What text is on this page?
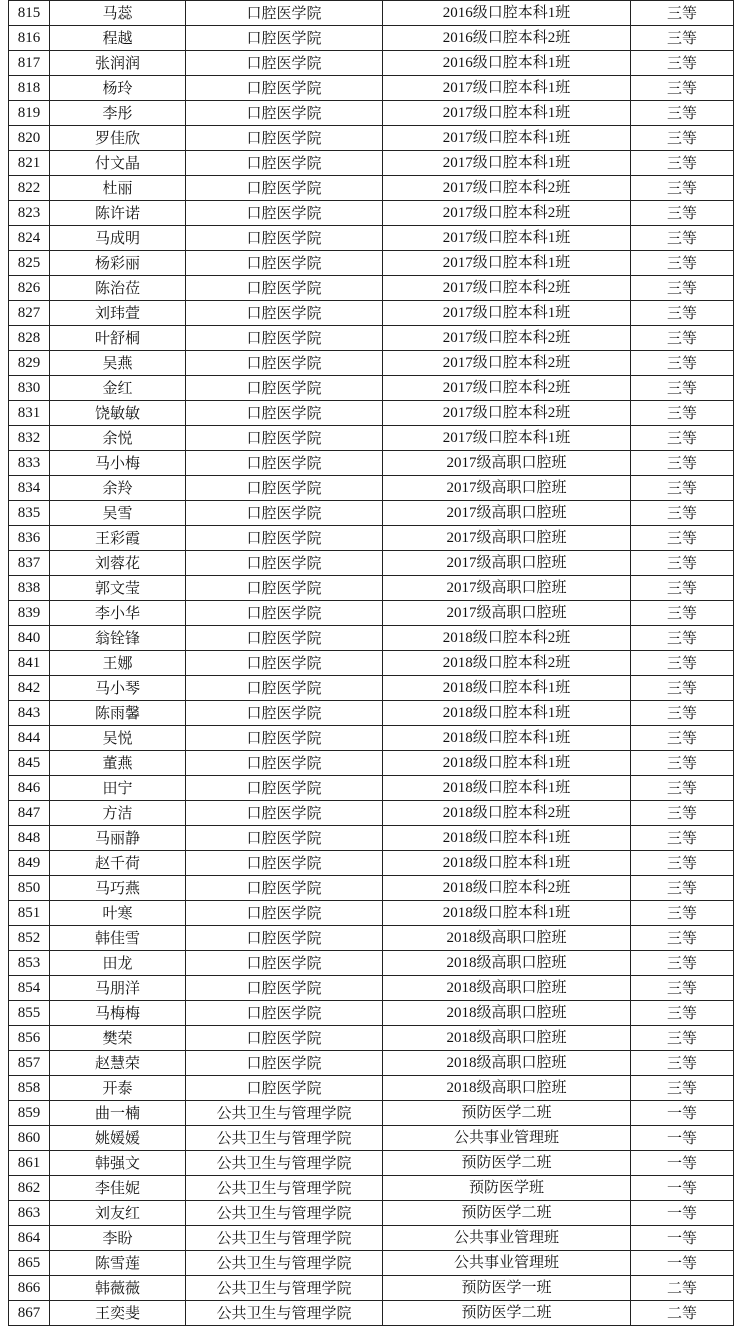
815	马蕊	口腔医学院	2016级口腔本科1班	三等
816	程越	口腔医学院	2016级口腔本科2班	三等
817	张润润	口腔医学院	2016级口腔本科1班	三等
818	杨玲	口腔医学院	2017级口腔本科1班	三等
819	李彤	口腔医学院	2017级口腔本科1班	三等
820	罗佳欣	口腔医学院	2017级口腔本科1班	三等
821	付文晶	口腔医学院	2017级口腔本科1班	三等
822	杜丽	口腔医学院	2017级口腔本科2班	三等
823	陈许诺	口腔医学院	2017级口腔本科2班	三等
824	马成明	口腔医学院	2017级口腔本科1班	三等
825	杨彩丽	口腔医学院	2017级口腔本科1班	三等
826	陈治莅	口腔医学院	2017级口腔本科2班	三等
827	刘玮萱	口腔医学院	2017级口腔本科1班	三等
828	叶舒桐	口腔医学院	2017级口腔本科2班	三等
829	吴燕	口腔医学院	2017级口腔本科2班	三等
830	金红	口腔医学院	2017级口腔本科2班	三等
831	饶敏敏	口腔医学院	2017级口腔本科2班	三等
832	余悦	口腔医学院	2017级口腔本科1班	三等
833	马小梅	口腔医学院	2017级高职口腔班	三等
834	余羚	口腔医学院	2017级高职口腔班	三等
835	吴雪	口腔医学院	2017级高职口腔班	三等
836	王彩霞	口腔医学院	2017级高职口腔班	三等
837	刘蓉花	口腔医学院	2017级高职口腔班	三等
838	郭文莹	口腔医学院	2017级高职口腔班	三等
839	李小华	口腔医学院	2017级高职口腔班	三等
840	翁铨锋	口腔医学院	2018级口腔本科2班	三等
841	王娜	口腔医学院	2018级口腔本科2班	三等
842	马小琴	口腔医学院	2018级口腔本科1班	三等
843	陈雨馨	口腔医学院	2018级口腔本科1班	三等
844	吴悦	口腔医学院	2018级口腔本科1班	三等
845	董燕	口腔医学院	2018级口腔本科1班	三等
846	田宁	口腔医学院	2018级口腔本科1班	三等
847	方洁	口腔医学院	2018级口腔本科2班	三等
848	马丽静	口腔医学院	2018级口腔本科1班	三等
849	赵千荷	口腔医学院	2018级口腔本科1班	三等
850	马巧燕	口腔医学院	2018级口腔本科2班	三等
851	叶寒	口腔医学院	2018级口腔本科1班	三等
852	韩佳雪	口腔医学院	2018级高职口腔班	三等
853	田龙	口腔医学院	2018级高职口腔班	三等
854	马朋洋	口腔医学院	2018级高职口腔班	三等
855	马梅梅	口腔医学院	2018级高职口腔班	三等
856	樊荣	口腔医学院	2018级高职口腔班	三等
857	赵慧荣	口腔医学院	2018级高职口腔班	三等
858	开泰	口腔医学院	2018级高职口腔班	三等
859	曲一楠	公共卫生与管理学院	预防医学二班	一等
860	姚媛媛	公共卫生与管理学院	公共事业管理班	一等
861	韩强文	公共卫生与管理学院	预防医学二班	一等
862	李佳妮	公共卫生与管理学院	预防医学班	一等
863	刘友红	公共卫生与管理学院	预防医学二班	一等
864	李盼	公共卫生与管理学院	公共事业管理班	一等
865	陈雪莲	公共卫生与管理学院	公共事业管理班	一等
866	韩薇薇	公共卫生与管理学院	预防医学一班	二等
867	王奕斐	公共卫生与管理学院	预防医学二班	二等
